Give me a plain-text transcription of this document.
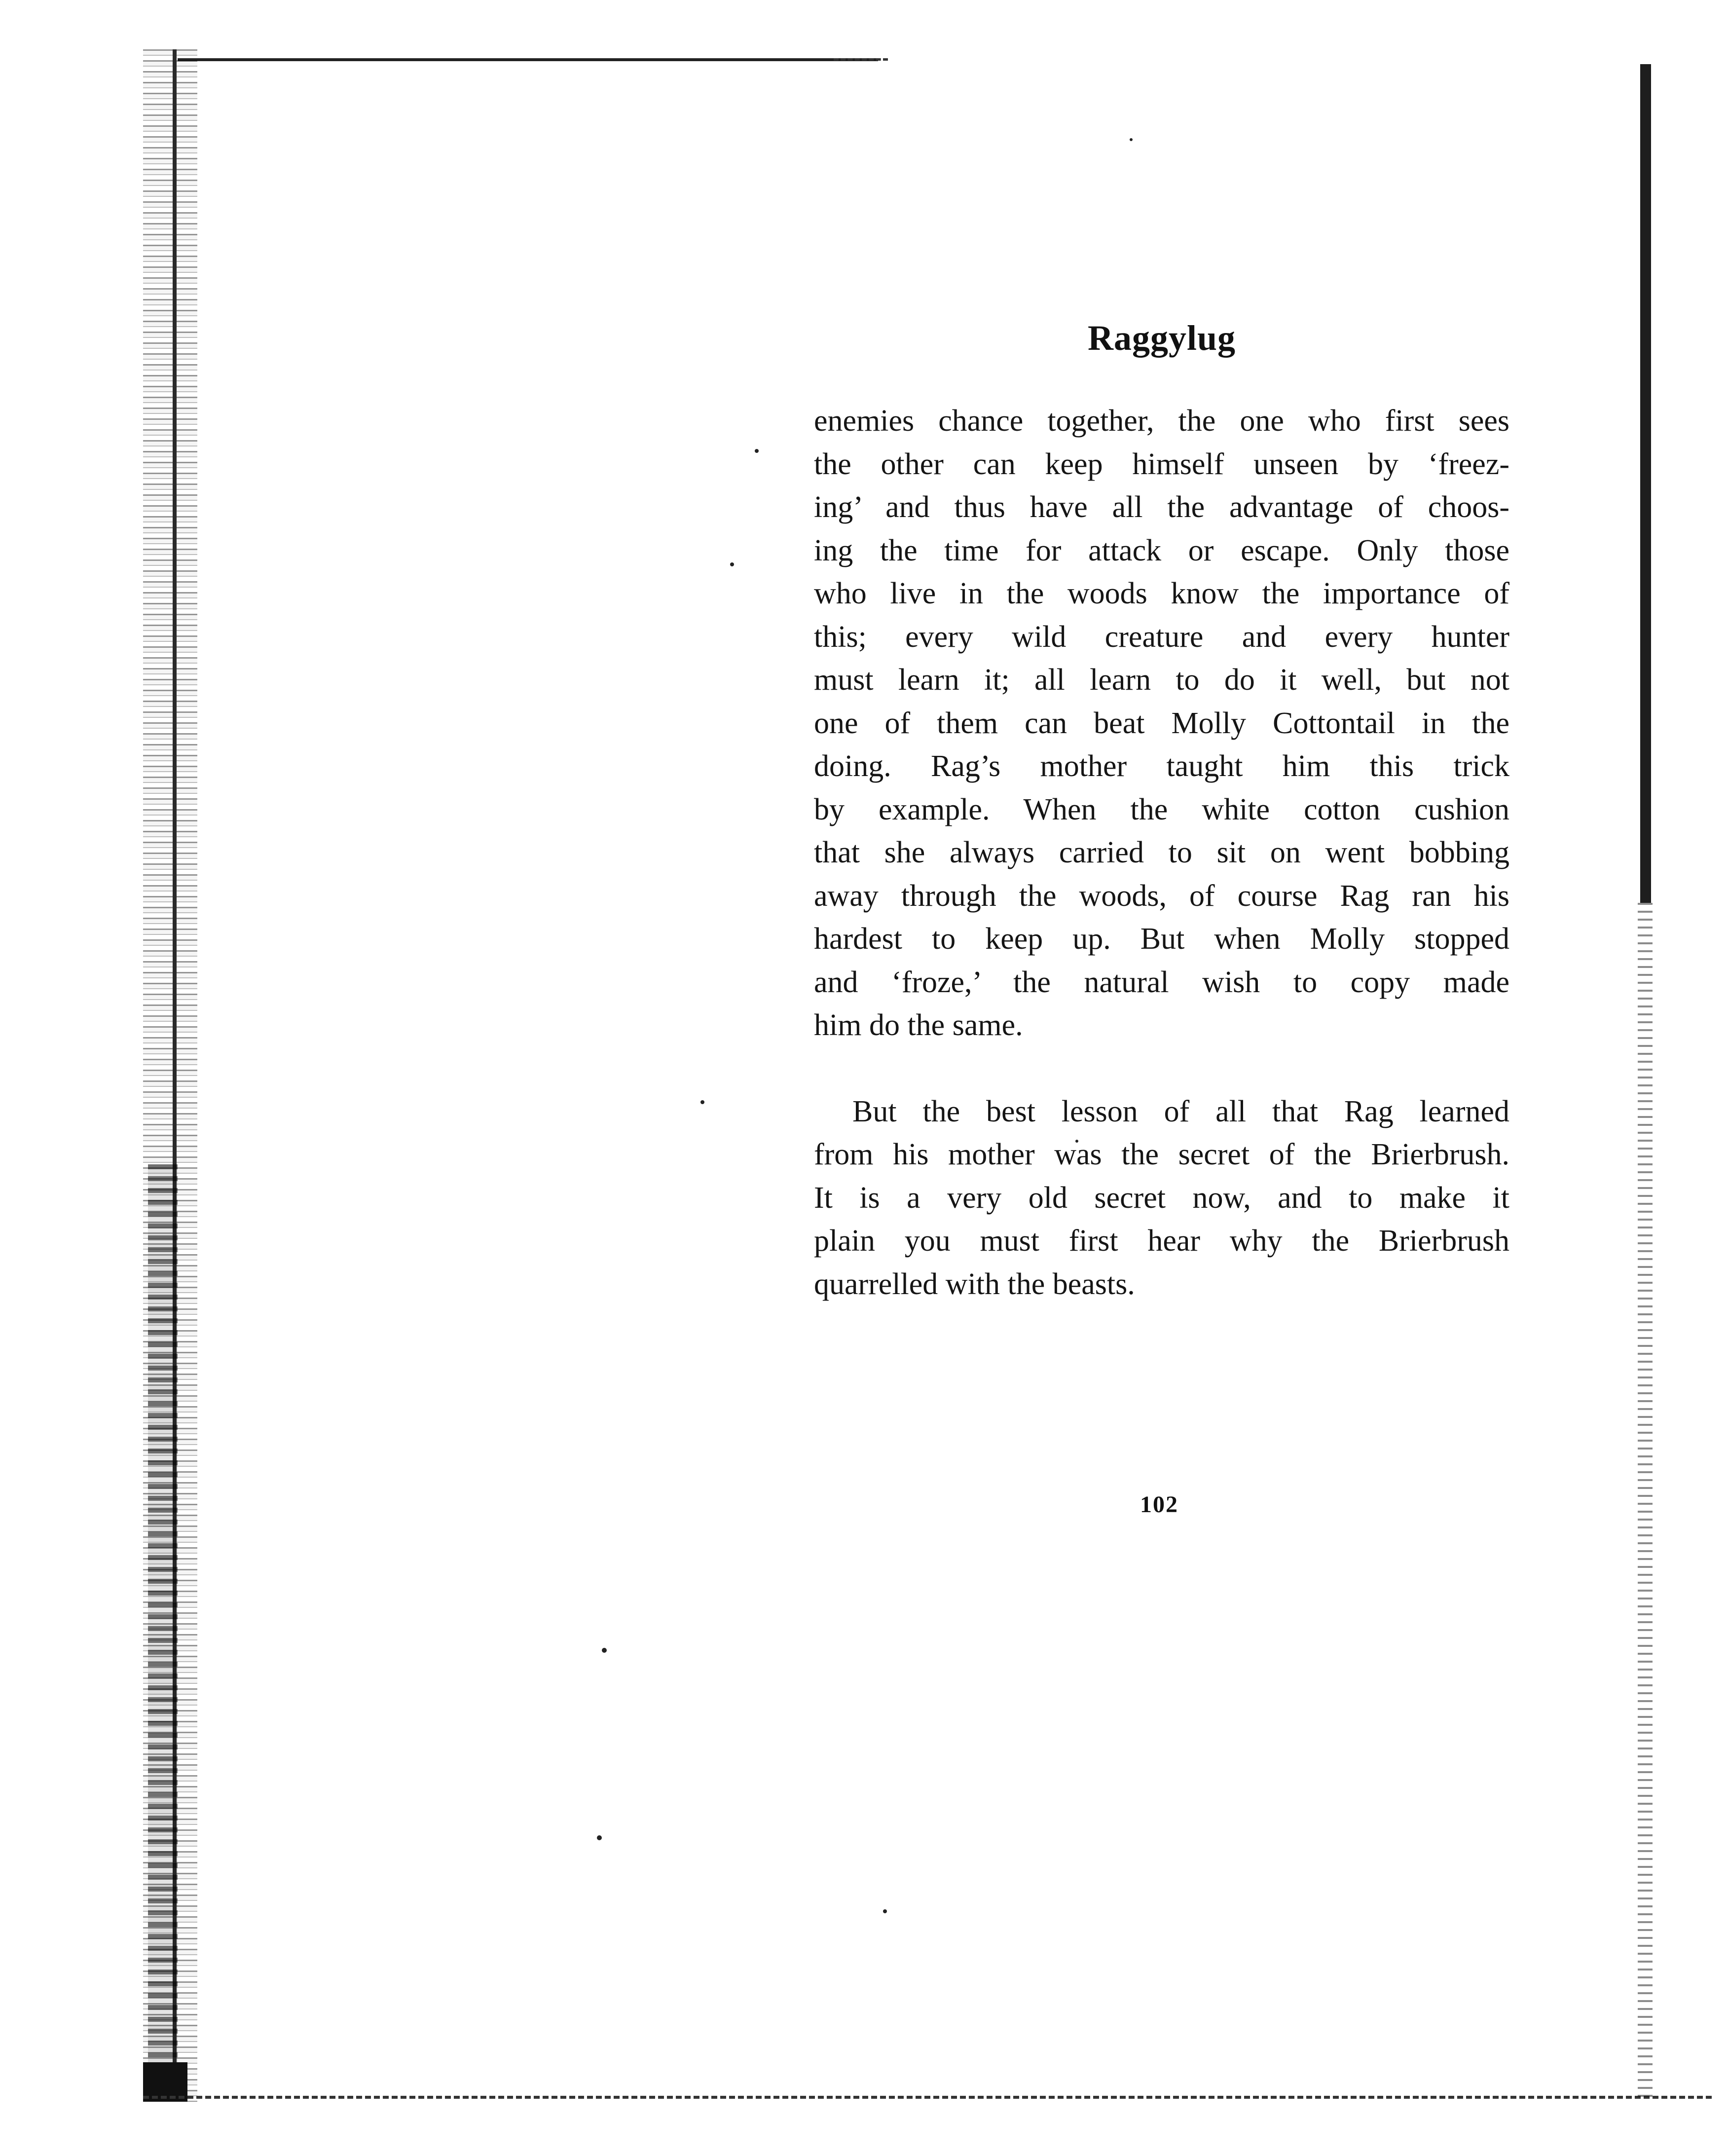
Raggylug
enemies chance together, the one who first sees
the other can keep himself unseen by ‘freez-
ing’ and thus have all the advantage of choos-
ing the time for attack or escape. Only those
who live in the woods know the importance of
this; every wild creature and every hunter
must learn it; all learn to do it well, but not
one of them can beat Molly Cottontail in the
doing. Rag’s mother taught him this trick
by example. When the white cotton cushion
that she always carried to sit on went bobbing
away through the woods, of course Rag ran his
hardest to keep up. But when Molly stopped
and ‘froze,’ the natural wish to copy made
him do the same.
But the best lesson of all that Rag learned
from his mother was the secret of the Brierbrush.
It is a very old secret now, and to make it
plain you must first hear why the Brierbrush
quarrelled with the beasts.
102
